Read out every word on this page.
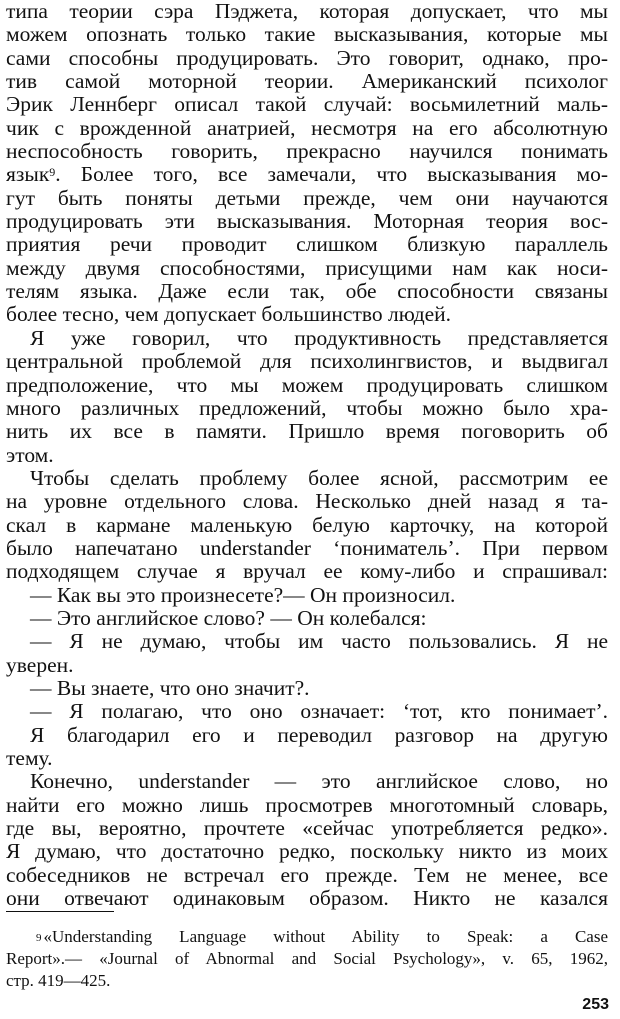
типа теории сэра Пэджета, которая допускает, что мы
можем опознать только такие высказывания, которые мы
сами способны продуцировать. Это говорит, однако, про-
тив самой моторной теории. Американский психолог
Эрик Леннберг описал такой случай: восьмилетний маль-
чик с врожденной анатрией, несмотря на его абсолютную
неспособность говорить, прекрасно научился понимать
язык$^9$. Более того, все замечали, что высказывания мо-
гут быть поняты детьми прежде, чем они научаются
продуцировать эти высказывания. Моторная теория вос-
приятия речи проводит слишком близкую параллель
между двумя способностями, присущими нам как носи-
телям языка. Даже если так, обе способности связаны
более тесно, чем допускает большинство людей.
Я уже говорил, что продуктивность представляется
центральной проблемой для психолингвистов, и выдвигал
предположение, что мы можем продуцировать слишком
много различных предложений, чтобы можно было хра-
нить их все в памяти. Пришло время поговорить об
этом.
Чтобы сделать проблему более ясной, рассмотрим ее
на уровне отдельного слова. Несколько дней назад я та-
скал в кармане маленькую белую карточку, на которой
было напечатано understander ‘пониматель’. При первом
подходящем случае я вручал ее кому-либо и спрашивал:
— Как вы это произнесете?— Он произносил.
— Это английское слово? — Он колебался:
— Я не думаю, чтобы им часто пользовались. Я не
уверен.
— Вы знаете, что оно значит?.
— Я полагаю, что оно означает: ‘тот, кто понимает’.
Я благодарил его и переводил разговор на другую
тему.
Конечно, understander — это английское слово, но
найти его можно лишь просмотрев многотомный словарь,
где вы, вероятно, прочтете «сейчас употребляется редко».
Я думаю, что достаточно редко, поскольку никто из моих
собеседников не встречал его прежде. Тем не менее, все
они отвечают одинаковым образом. Никто не казался
$^9$ «Understanding Language without Ability to Speak: a Case
Report».— «Journal of Abnormal and Social Psychology», v. 65, 1962,
стр. 419—425.
253
